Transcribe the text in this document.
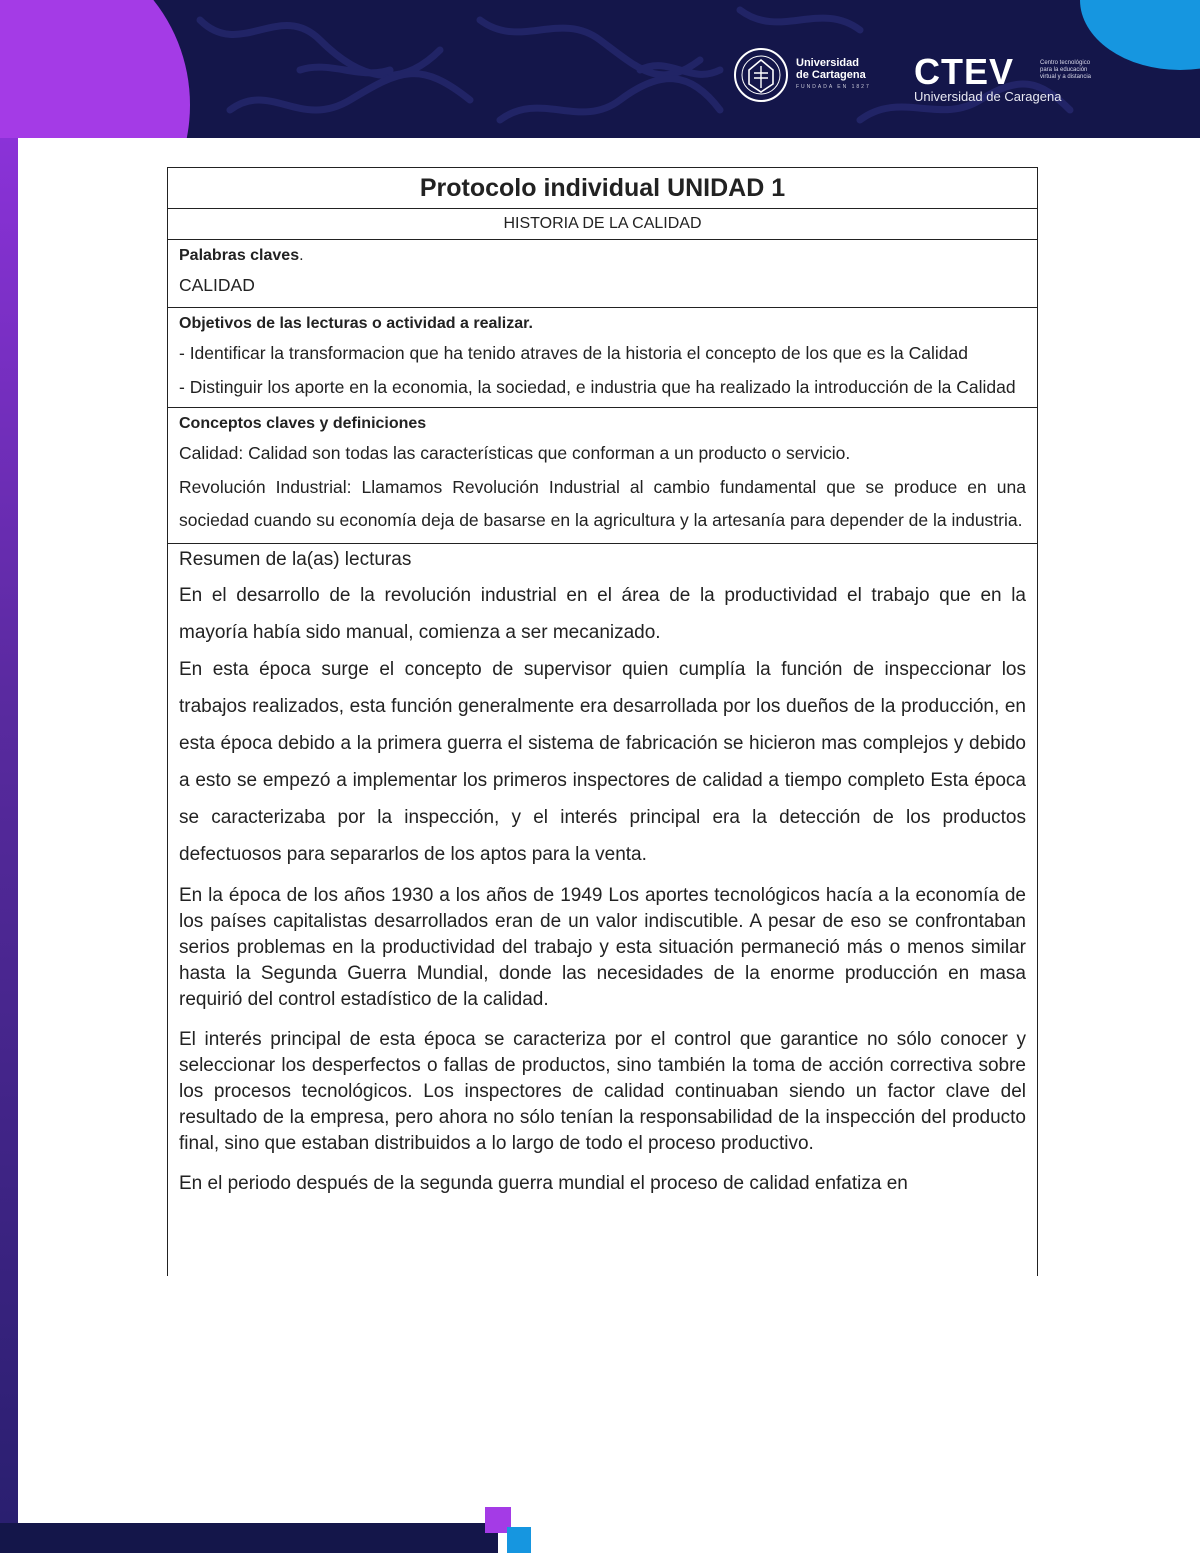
Universidad de Cartagena
FUNDADA EN 1827 CTEV	Centro tecnológico para la educación virtual y a distancia
Universidad de Caragena
Protocolo individual UNIDAD 1
HISTORIA DE LA CALIDAD

Palabras claves.
CALIDAD

Objetivos de las lecturas o actividad a realizar.
- Identificar la transformacion que ha tenido atraves de la historia el concepto de los que es la Calidad
- Distinguir los aporte en la economia, la sociedad, e industria que ha realizado la introducción de la Calidad

Conceptos claves y definiciones
Calidad: Calidad son todas las características que conforman a un producto o servicio.
Revolución Industrial: Llamamos Revolución Industrial al cambio fundamental que se produce en una sociedad cuando su economía deja de basarse en la agricultura y la artesanía para depender de la industria.

Resumen de la(as) lecturas
En el desarrollo de la revolución industrial en el área de la productividad el trabajo que en la mayoría había sido manual, comienza a ser mecanizado.
En esta época surge el concepto de supervisor quien cumplía la función de inspeccionar los trabajos realizados, esta función generalmente era desarrollada por los dueños de la producción, en esta época debido a la primera guerra el sistema de fabricación se hicieron mas complejos y debido a esto se empezó a implementar los primeros inspectores de calidad a tiempo completo Esta época se caracterizaba por la inspección, y el interés principal era la detección de los productos defectuosos para separarlos de los aptos para la venta.
En la época de los años 1930 a los años de 1949 Los aportes tecnológicos hacía a la economía de los países capitalistas desarrollados eran de un valor indiscutible. A pesar de eso se confrontaban serios problemas en la productividad del trabajo y esta situación permaneció más o menos similar hasta la Segunda Guerra Mundial, donde las necesidades de la enorme producción en masa requirió del control estadístico de la calidad.
El interés principal de esta época se caracteriza por el control que garantice no sólo conocer y seleccionar los desperfectos o fallas de productos, sino también la toma de acción correctiva sobre los procesos tecnológicos. Los inspectores de calidad continuaban siendo un factor clave del resultado de la empresa, pero ahora no sólo tenían la responsabilidad de la inspección del producto final, sino que estaban distribuidos a lo largo de todo el proceso productivo.
En el periodo después de la segunda guerra mundial el proceso de calidad enfatiza en
